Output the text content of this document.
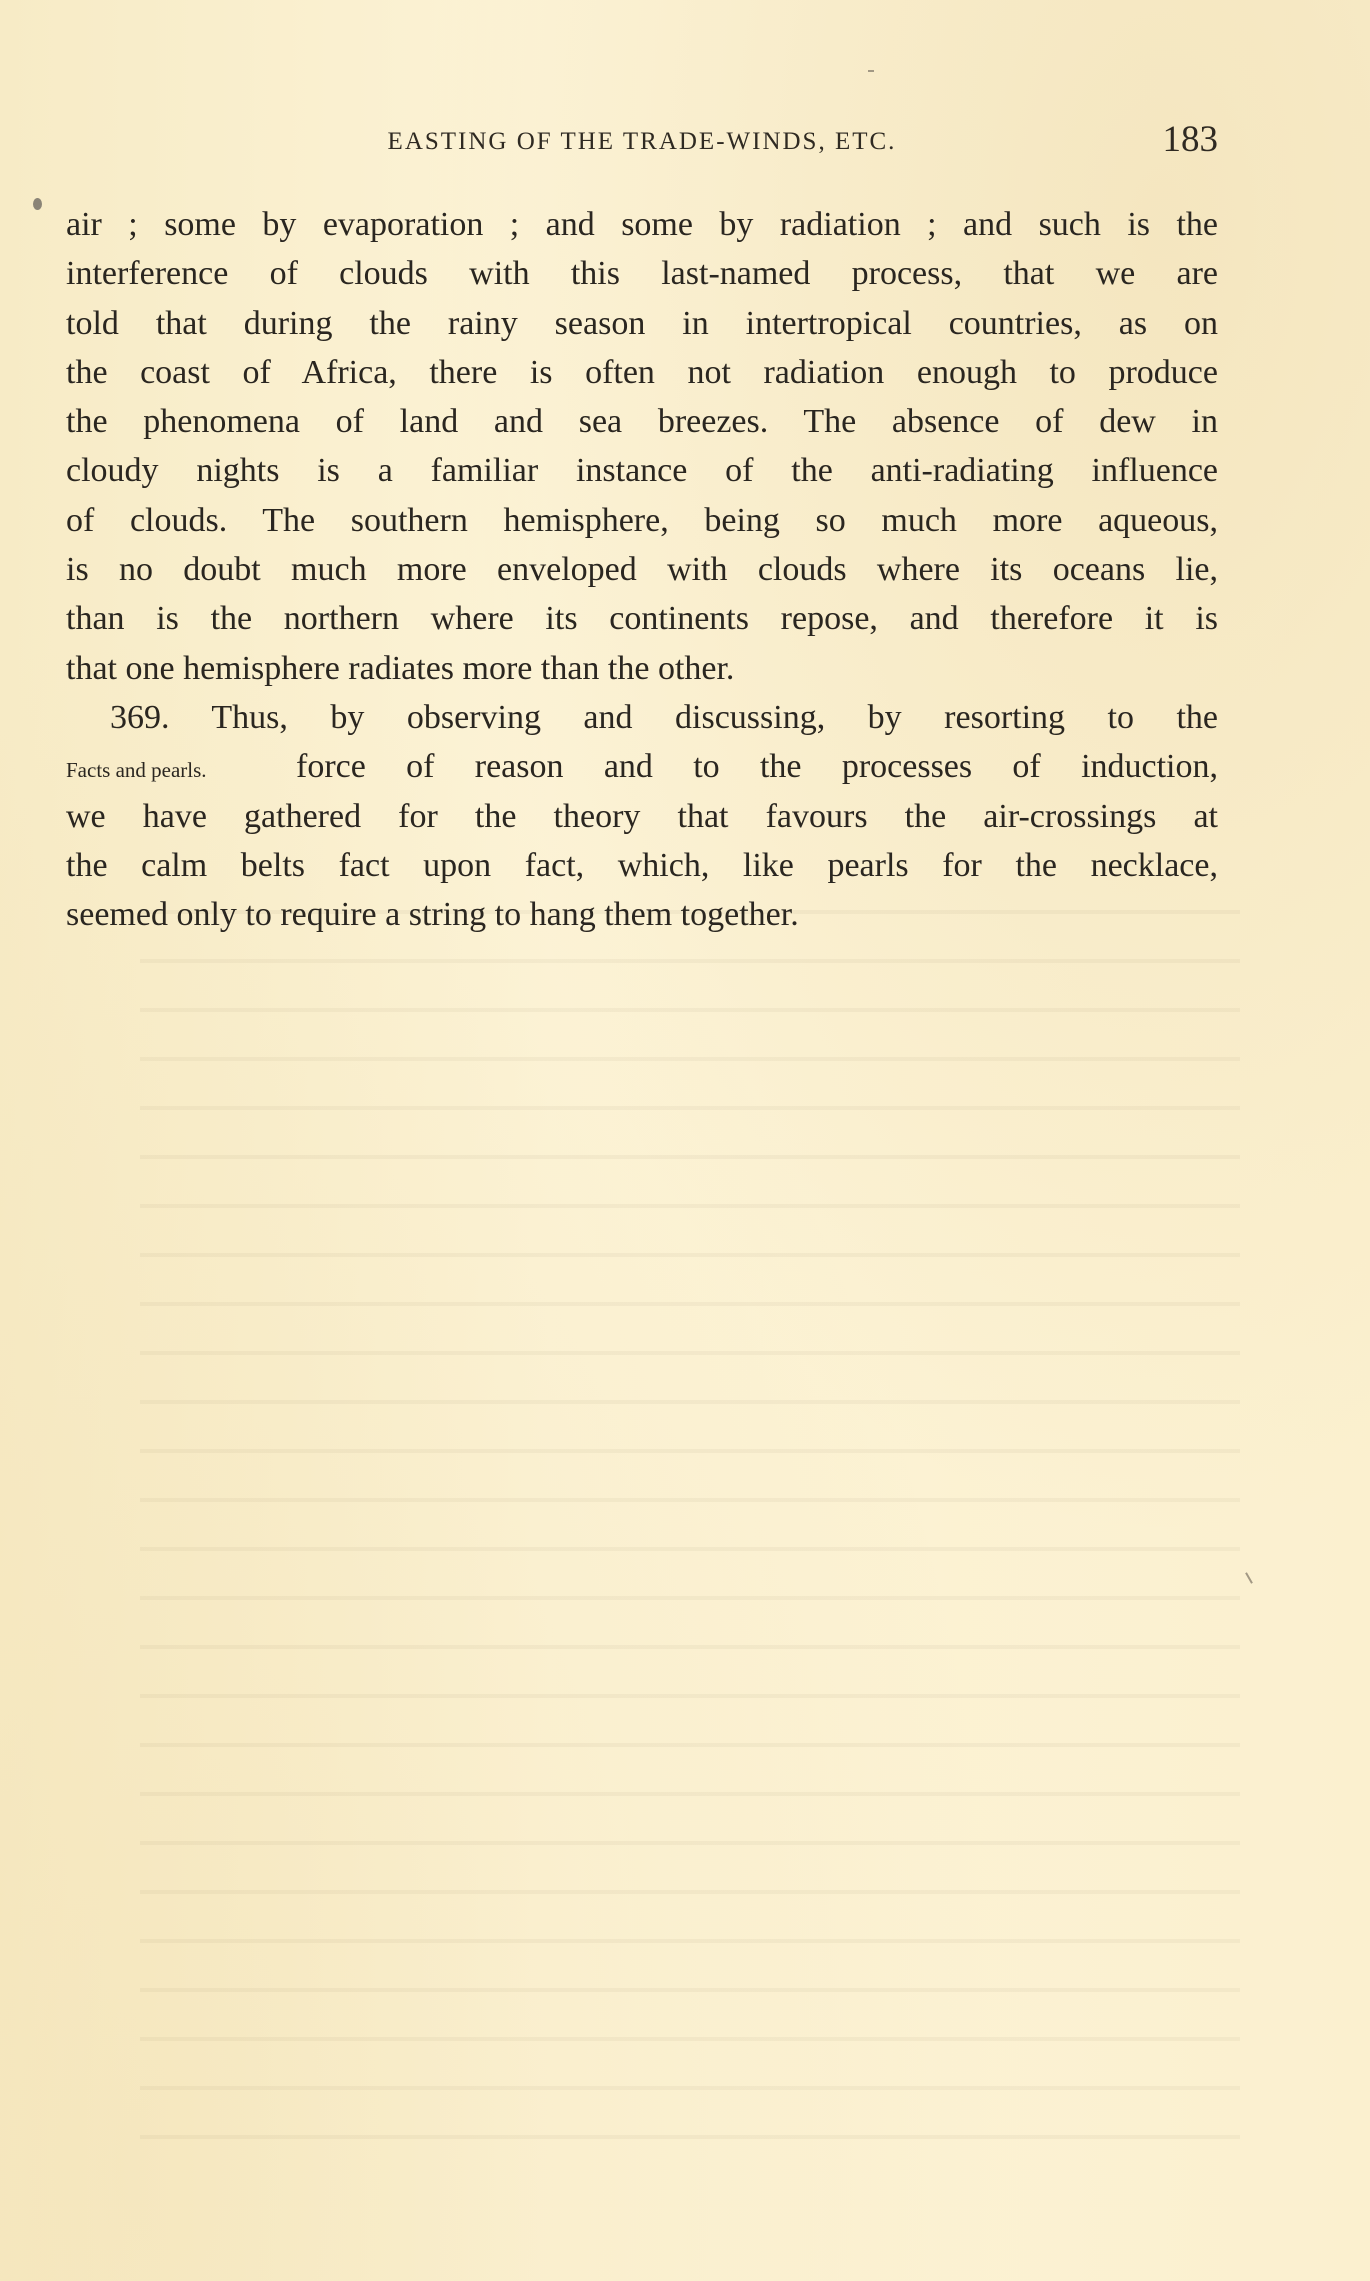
EASTING OF THE TRADE-WINDS, ETC.	183
air ; some by evaporation ; and some by radiation ; and such is the
interference of clouds with this last-named process, that we are
told that during the rainy season in intertropical countries, as on
the coast of Africa, there is often not radiation enough to produce
the phenomena of land and sea breezes. The absence of dew in
cloudy nights is a familiar instance of the anti-radiating influence
of clouds. The southern hemisphere, being so much more aqueous,
is no doubt much more enveloped with clouds where its oceans lie,
than is the northern where its continents repose, and therefore it is
that one hemisphere radiates more than the other.
369. Thus, by observing and discussing, by resorting to the
Facts and pearls.	force of reason and to the processes of induction,
we have gathered for the theory that favours the air-crossings at
the calm belts fact upon fact, which, like pearls for the necklace,
seemed only to require a string to hang them together.
